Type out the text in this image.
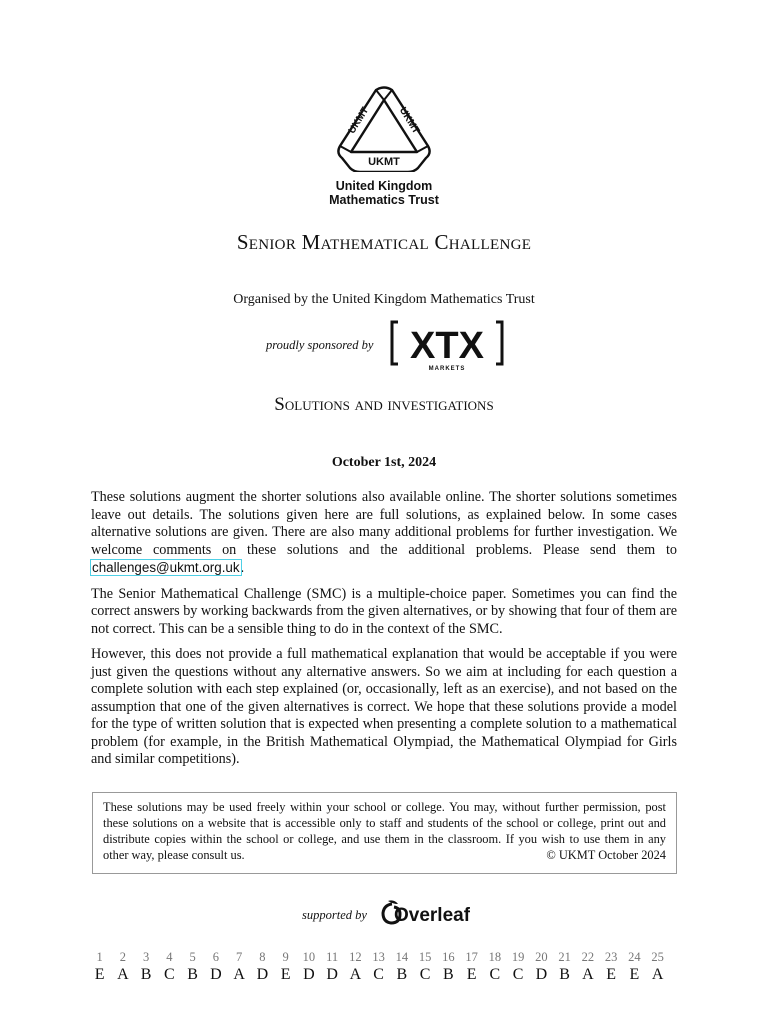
UKMT
UKMT	UKMT
United Kingdom
Mathematics Trust
Senior Mathematical Challenge
Organised by the United Kingdom Mathematics Trust
proudly sponsored by XTX
MARKETS
Solutions and investigations
October 1st, 2024

These solutions augment the shorter solutions also available online. The shorter solutions sometimes leave out details. The solutions given here are full solutions, as explained below. In some cases alternative solutions are given. There are also many additional problems for further investigation. We welcome comments on these solutions and the additional problems. Please send them to challenges@ukmt.org.uk.

The Senior Mathematical Challenge (SMC) is a multiple-choice paper. Sometimes you can find the correct answers by working backwards from the given alternatives, or by showing that four of them are not correct. This can be a sensible thing to do in the context of the SMC.

However, this does not provide a full mathematical explanation that would be acceptable if you were just given the questions without any alternative answers. So we aim at including for each question a complete solution with each step explained (or, occasionally, left as an exercise), and not based on the assumption that one of the given alternatives is correct. We hope that these solutions provide a model for the type of written solution that is expected when presenting a complete solution to a mathematical problem (for example, in the British Mathematical Olympiad, the Mathematical Olympiad for Girls and similar competitions).

These solutions may be used freely within your school or college. You may, without further permission, post these solutions on a website that is accessible only to staff and students of the school or college, print out and distribute copies within the school or college, and use them in the classroom. If you wish to use them in any other way, please consult us.	© UKMT October 2024
supported by Overleaf
1	2	3	4	5	6	7	8	9	10 11 12 13 14 15 16 17 18 19 20 21 22 23 24 25
E A B C B D A D E D D A C B C B E C C D B A E E A
